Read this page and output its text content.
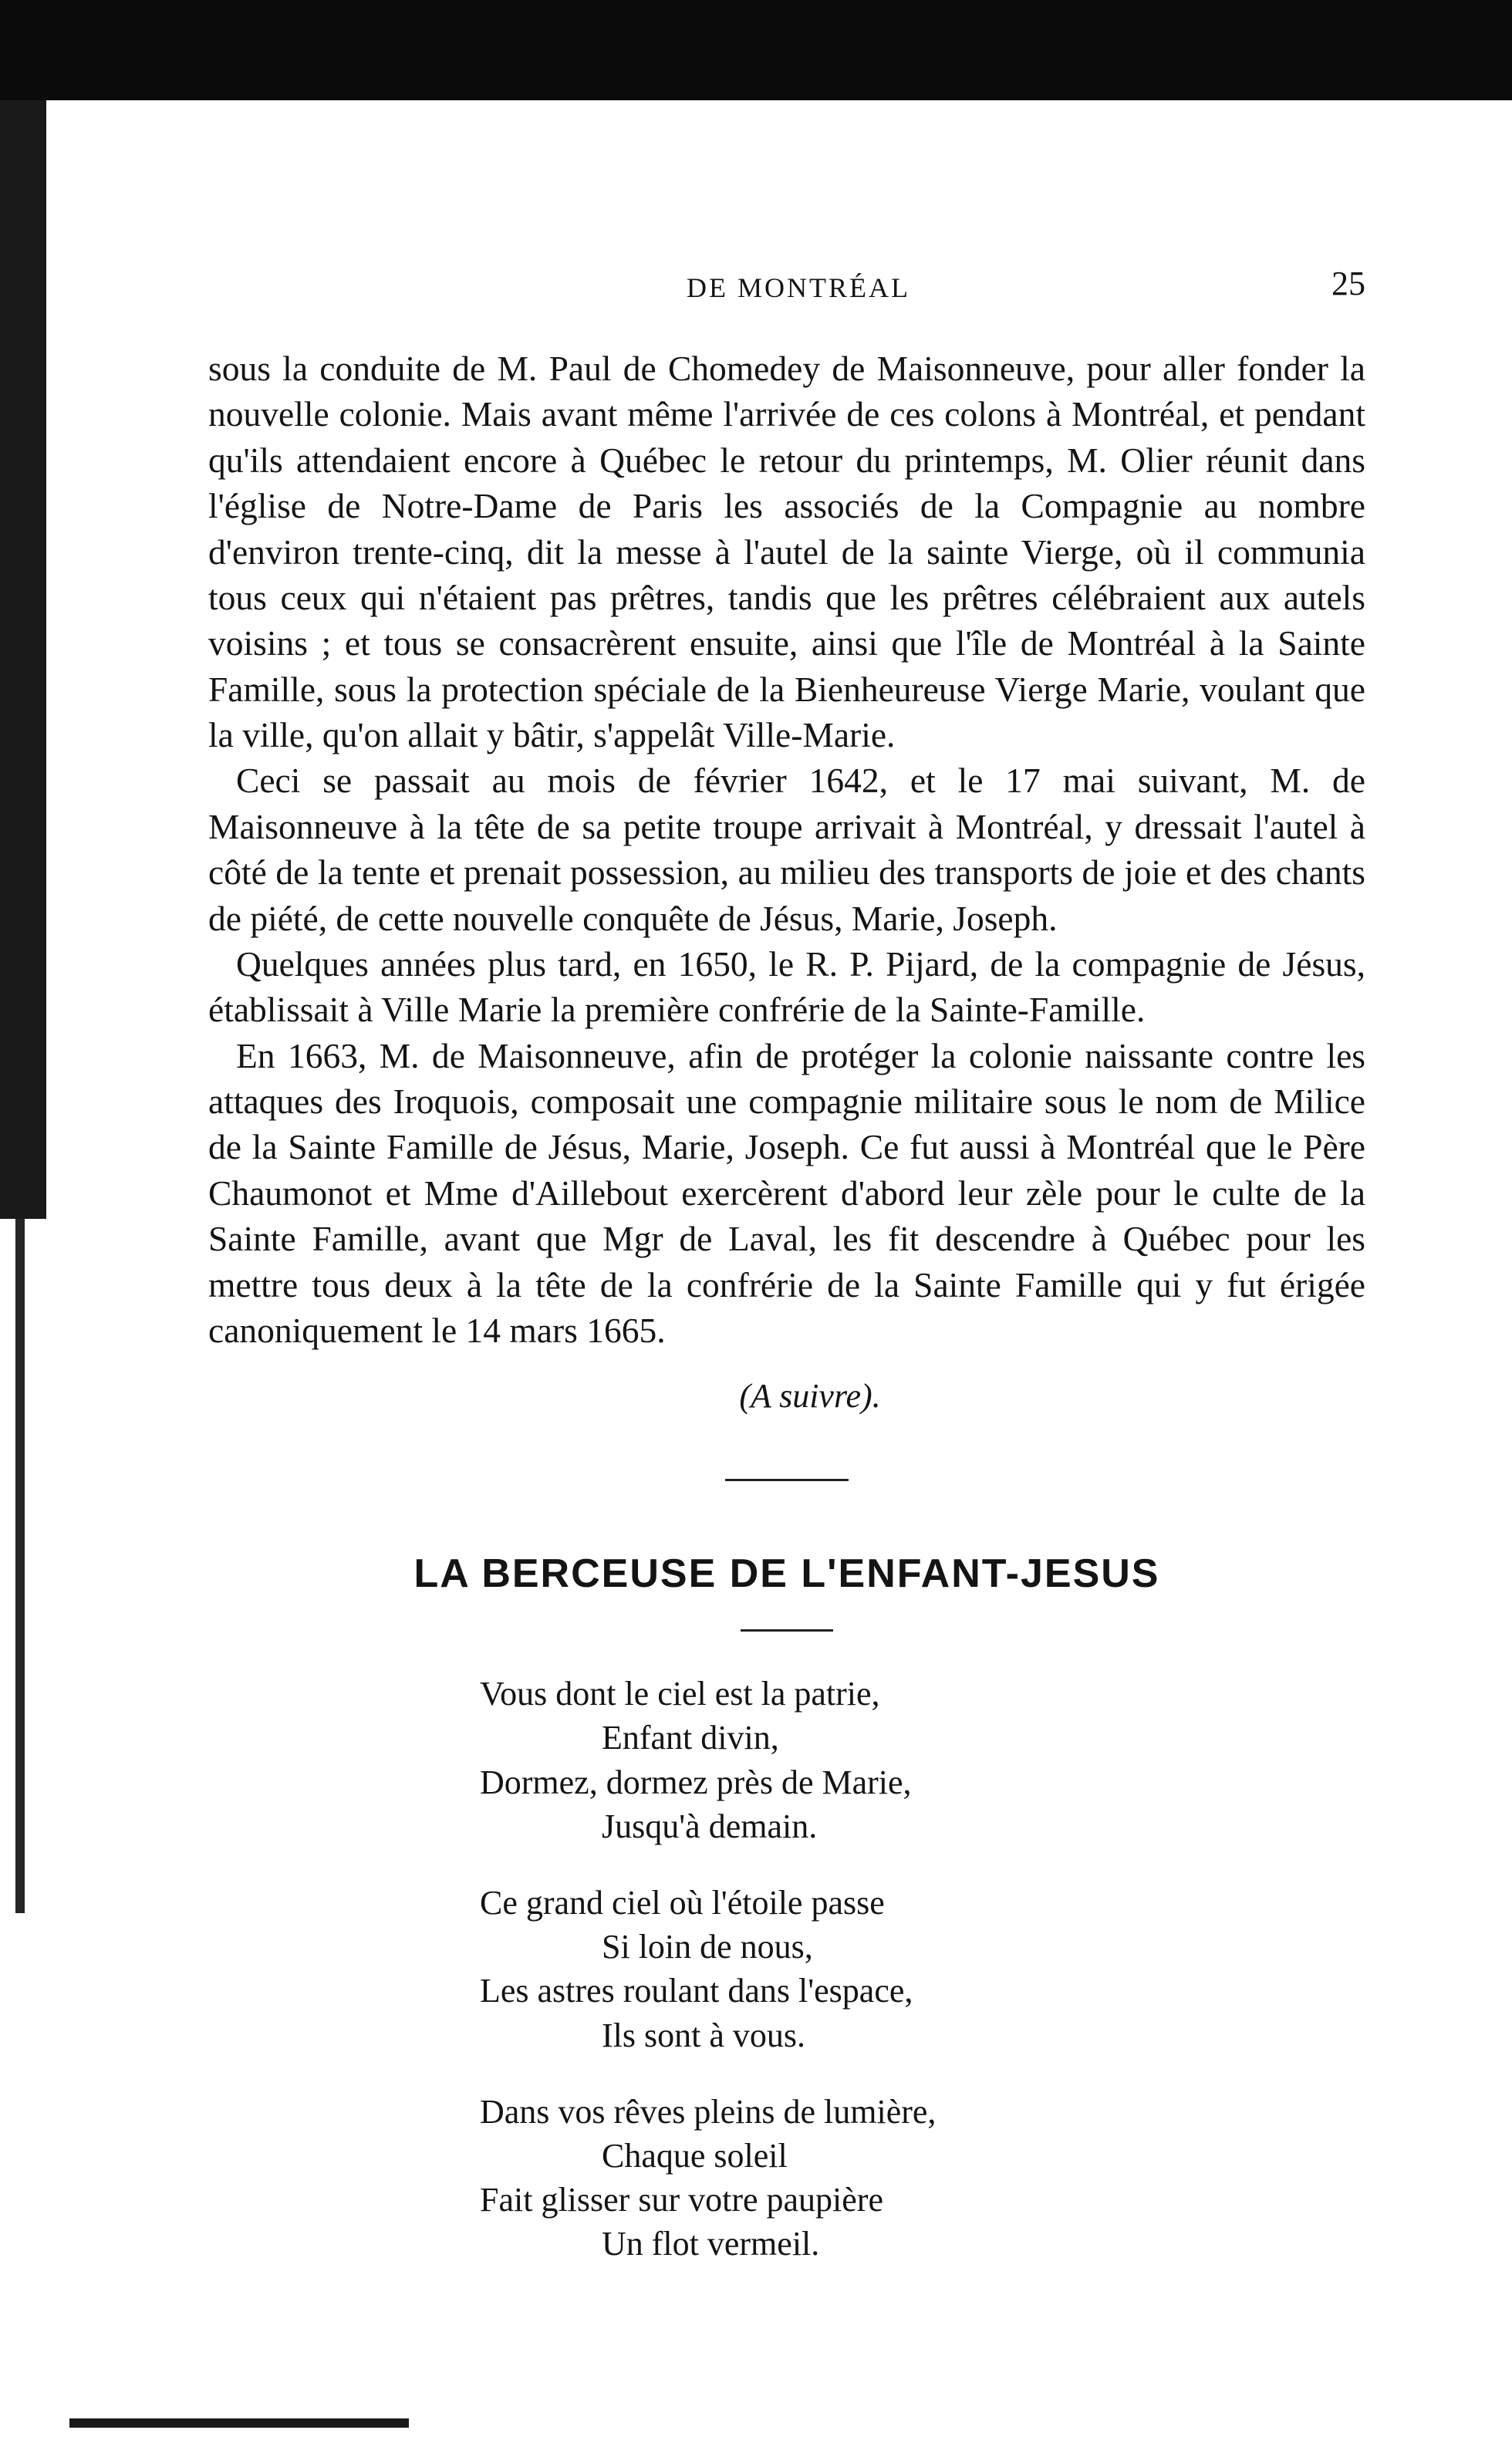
DE MONTRÉAL	25

sous la conduite de M. Paul de Chomedey de Maisonneuve, pour aller fonder la nouvelle colonie. Mais avant même l'arrivée de ces colons à Montréal, et pendant qu'ils attendaient encore à Québec le retour du printemps, M. Olier réunit dans l'église de Notre-Dame de Paris les associés de la Compagnie au nombre d'environ trente-cinq, dit la messe à l'autel de la sainte Vierge, où il communia tous ceux qui n'étaient pas prêtres, tandis que les prêtres célébraient aux autels voisins ; et tous se consacrèrent ensuite, ainsi que l'île de Montréal à la Sainte Famille, sous la protection spéciale de la Bienheureuse Vierge Marie, voulant que la ville, qu'on allait y bâtir, s'appelât Ville-Marie.

Ceci se passait au mois de février 1642, et le 17 mai suivant, M. de Maisonneuve à la tête de sa petite troupe arrivait à Montréal, y dressait l'autel à côté de la tente et prenait possession, au milieu des transports de joie et des chants de piété, de cette nouvelle conquête de Jésus, Marie, Joseph.

Quelques années plus tard, en 1650, le R. P. Pijard, de la compagnie de Jésus, établissait à Ville Marie la première confrérie de la Sainte-Famille.

En 1663, M. de Maisonneuve, afin de protéger la colonie naissante contre les attaques des Iroquois, composait une compagnie militaire sous le nom de Milice de la Sainte Famille de Jésus, Marie, Joseph. Ce fut aussi à Montréal que le Père Chaumonot et Mme d'Aillebout exercèrent d'abord leur zèle pour le culte de la Sainte Famille, avant que Mgr de Laval, les fit descendre à Québec pour les mettre tous deux à la tête de la confrérie de la Sainte Famille qui y fut érigée canoniquement le 14 mars 1665.

(A suivre).
LA BERCEUSE DE L'ENFANT-JESUS
Vous dont le ciel est la patrie,
Enfant divin,
Dormez, dormez près de Marie,
Jusqu'à demain.
Ce grand ciel où l'étoile passe
Si loin de nous,
Les astres roulant dans l'espace,
Ils sont à vous.
Dans vos rêves pleins de lumière,
Chaque soleil
Fait glisser sur votre paupière
Un flot vermeil.
